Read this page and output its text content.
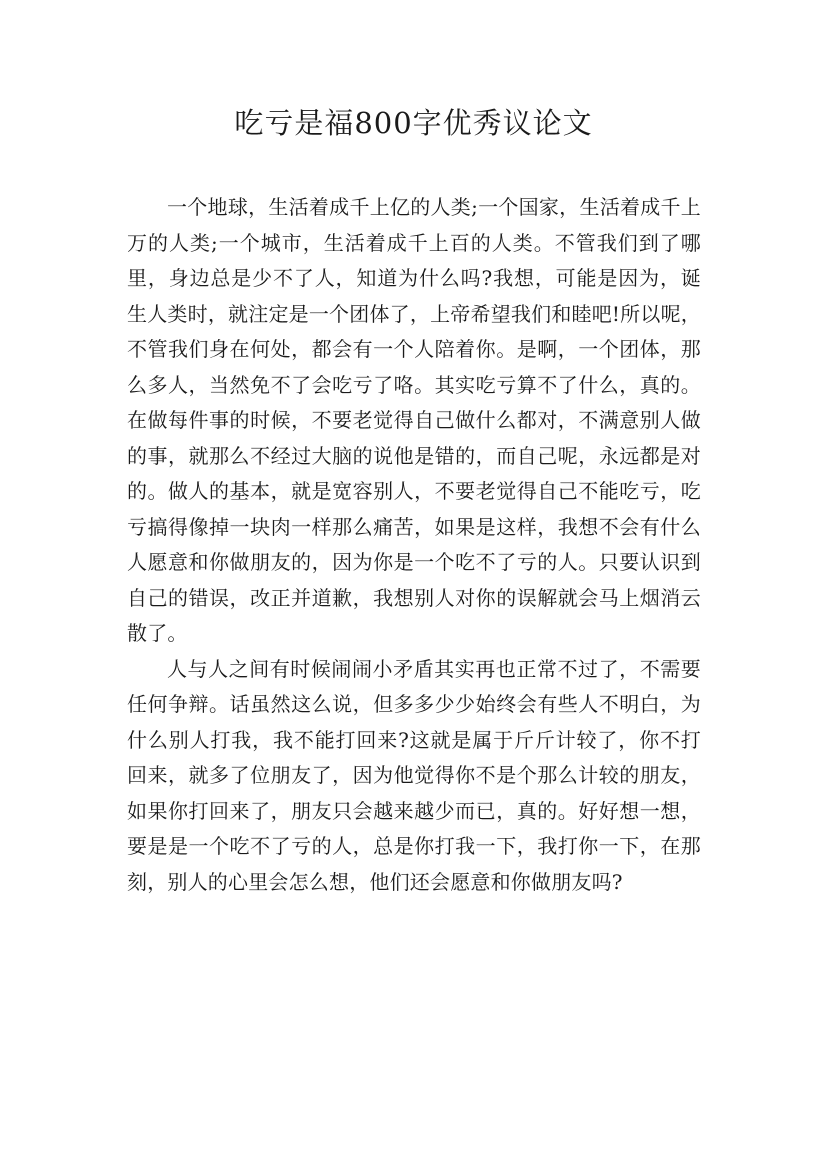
吃亏是福800字优秀议论文

一个地球，生活着成千上亿的人类;一个国家，生活着成千上万的人类;一个城市，生活着成千上百的人类。不管我们到了哪里，身边总是少不了人，知道为什么吗?我想，可能是因为，诞生人类时，就注定是一个团体了，上帝希望我们和睦吧!所以呢，不管我们身在何处，都会有一个人陪着你。是啊，一个团体，那么多人，当然免不了会吃亏了咯。其实吃亏算不了什么，真的。在做每件事的时候，不要老觉得自己做什么都对，不满意别人做的事，就那么不经过大脑的说他是错的，而自己呢，永远都是对的。做人的基本，就是宽容别人，不要老觉得自己不能吃亏，吃亏搞得像掉一块肉一样那么痛苦，如果是这样，我想不会有什么人愿意和你做朋友的，因为你是一个吃不了亏的人。只要认识到自己的错误，改正并道歉，我想别人对你的误解就会马上烟消云散了。

人与人之间有时候闹闹小矛盾其实再也正常不过了，不需要任何争辩。话虽然这么说，但多多少少始终会有些人不明白，为什么别人打我，我不能打回来?这就是属于斤斤计较了，你不打回来，就多了位朋友了，因为他觉得你不是个那么计较的朋友，如果你打回来了，朋友只会越来越少而已，真的。好好想一想，要是是一个吃不了亏的人，总是你打我一下，我打你一下，在那刻，别人的心里会怎么想，他们还会愿意和你做朋友吗?
